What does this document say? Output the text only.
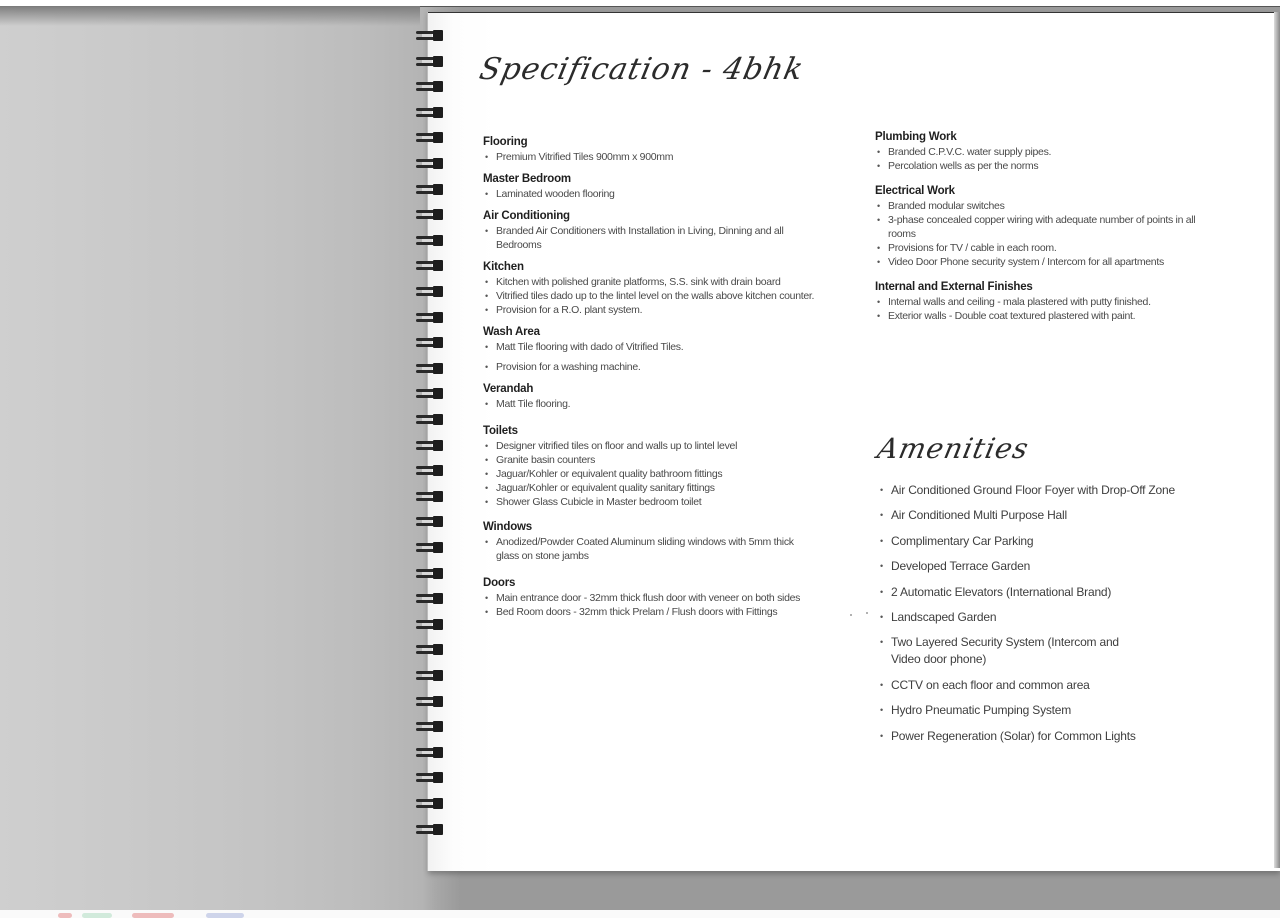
Specification - 4bhk
Flooring
• Premium Vitrified Tiles 900mm x 900mm
Master Bedroom
• Laminated wooden flooring
Air Conditioning
• Branded Air Conditioners with Installation in Living, Dinning and all Bedrooms
Kitchen
• Kitchen with polished granite platforms, S.S. sink with drain board
• Vitrified tiles dado up to the lintel level on the walls above kitchen counter.
• Provision for a R.O. plant system.
Wash Area
• Matt Tile flooring with dado of Vitrified Tiles.
• Provision for a washing machine.
Verandah
• Matt Tile flooring.
Toilets
• Designer vitrified tiles on floor and walls up to lintel level
• Granite basin counters
• Jaguar/Kohler or equivalent quality bathroom fittings
• Jaguar/Kohler or equivalent quality sanitary fittings
• Shower Glass Cubicle in Master bedroom toilet
Windows
• Anodized/Powder Coated Aluminum sliding windows with 5mm thick glass on stone jambs
Doors
• Main entrance door - 32mm thick flush door with veneer on both sides
• Bed Room doors - 32mm thick Prelam / Flush doors with Fittings
Plumbing Work
• Branded C.P.V.C. water supply pipes.
• Percolation wells as per the norms
Electrical Work
• Branded modular switches
• 3-phase concealed copper wiring with adequate number of points in all rooms
• Provisions for TV / cable in each room.
• Video Door Phone security system / Intercom for all apartments
Internal and External Finishes
• Internal walls and ceiling - mala plastered with putty finished.
• Exterior walls - Double coat textured plastered with paint.
Amenities
• Air Conditioned Ground Floor Foyer with Drop-Off Zone
• Air Conditioned Multi Purpose Hall
• Complimentary Car Parking
• Developed Terrace Garden
• 2 Automatic Elevators (International Brand)
• Landscaped Garden
• Two Layered Security System (Intercom and Video door phone)
• CCTV on each floor and common area
• Hydro Pneumatic Pumping System
• Power Regeneration (Solar) for Common Lights
